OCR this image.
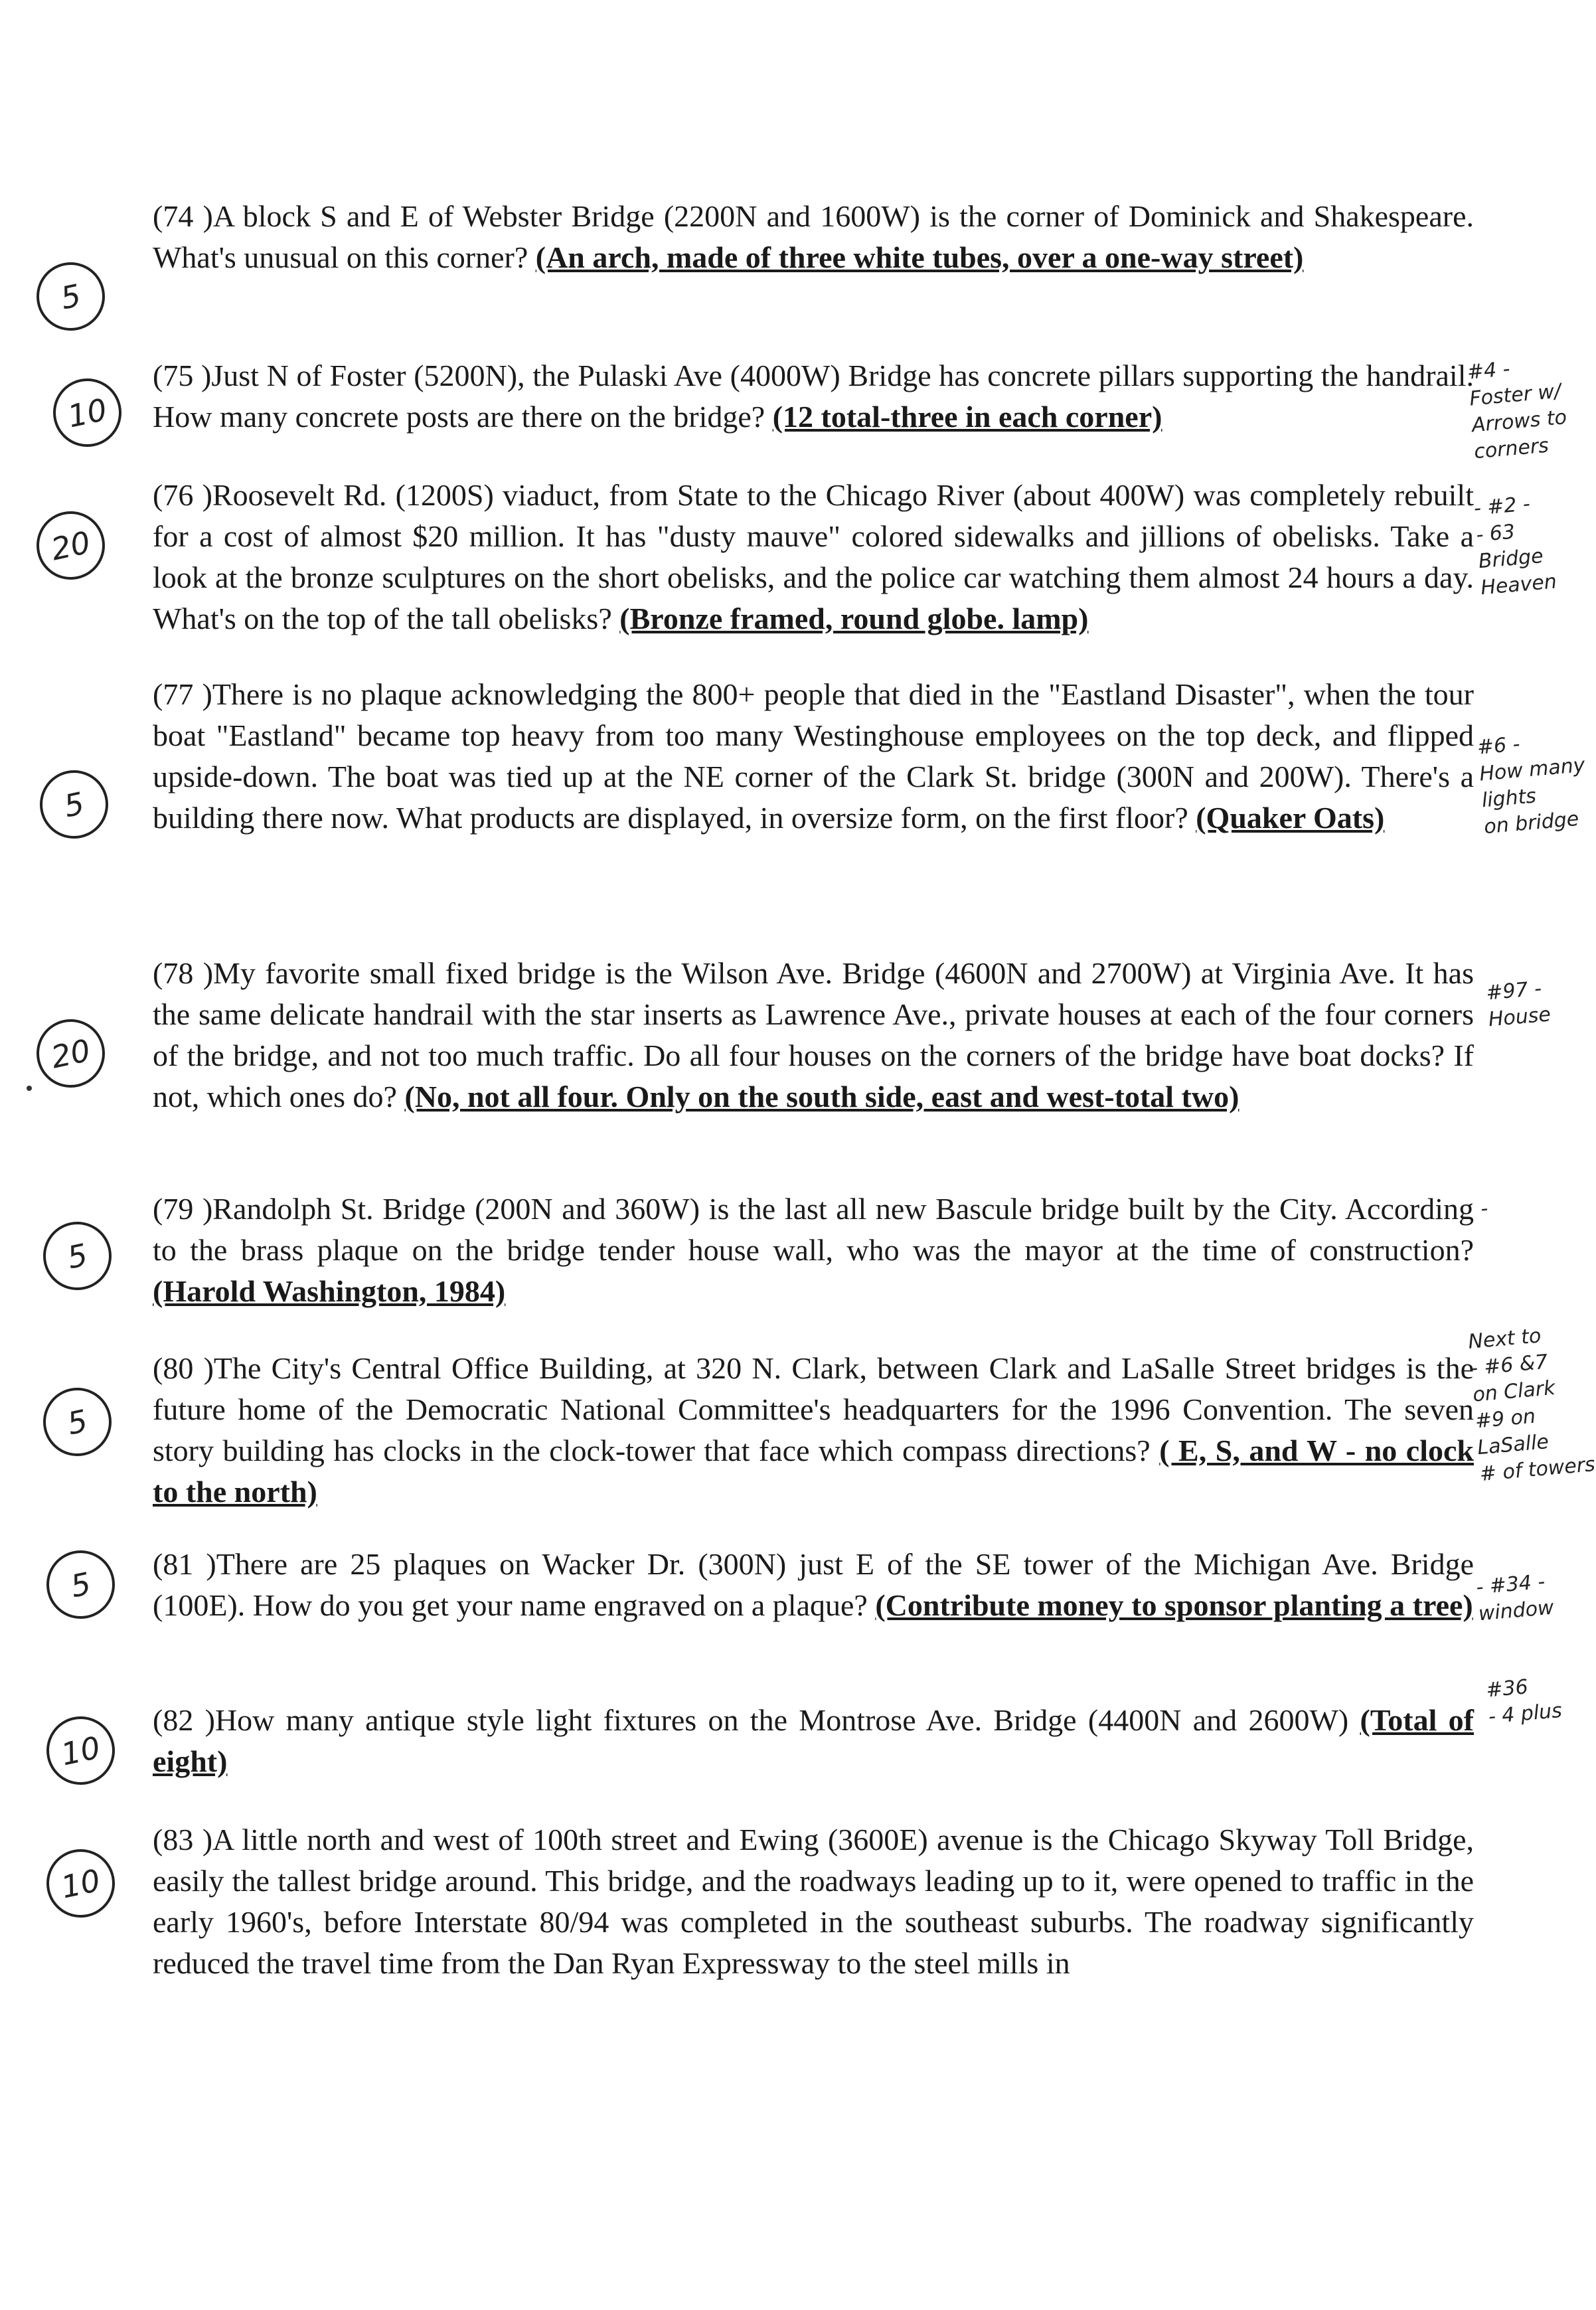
(74 )A block S and E of Webster Bridge (2200N and 1600W) is the corner of Dominick and Shakespeare. What's unusual on this corner? (An arch, made of three white tubes, over a one-way street)

(75 )Just N of Foster (5200N), the Pulaski Ave (4000W) Bridge has concrete pillars supporting the handrail. How many concrete posts are there on the bridge? (12 total-three in each corner)

(76 )Roosevelt Rd. (1200S) viaduct, from State to the Chicago River (about 400W) was completely rebuilt for a cost of almost $20 million. It has "dusty mauve" colored sidewalks and jillions of obelisks. Take a look at the bronze sculptures on the short obelisks, and the police car watching them almost 24 hours a day. What's on the top of the tall obelisks? (Bronze framed, round globe. lamp)

(77 )There is no plaque acknowledging the 800+ people that died in the "Eastland Disaster", when the tour boat "Eastland" became top heavy from too many Westinghouse employees on the top deck, and flipped upside-down. The boat was tied up at the NE corner of the Clark St. bridge (300N and 200W). There's a building there now. What products are displayed, in oversize form, on the first floor? (Quaker Oats)

(78 )My favorite small fixed bridge is the Wilson Ave. Bridge (4600N and 2700W) at Virginia Ave. It has the same delicate handrail with the star inserts as Lawrence Ave., private houses at each of the four corners of the bridge, and not too much traffic. Do all four houses on the corners of the bridge have boat docks? If not, which ones do? (No, not all four. Only on the south side, east and west-total two)

(79 )Randolph St. Bridge (200N and 360W) is the last all new Bascule bridge built by the City. According to the brass plaque on the bridge tender house wall, who was the mayor at the time of construction? (Harold Washington, 1984)

(80 )The City's Central Office Building, at 320 N. Clark, between Clark and LaSalle Street bridges is the future home of the Democratic National Committee's headquarters for the 1996 Convention. The seven story building has clocks in the clock-tower that face which compass directions? ( E, S, and W - no clock to the north)

(81 )There are 25 plaques on Wacker Dr. (300N) just E of the SE tower of the Michigan Ave. Bridge (100E). How do you get your name engraved on a plaque? (Contribute money to sponsor planting a tree)

(82 )How many antique style light fixtures on the Montrose Ave. Bridge (4400N and 2600W) (Total of eight)

(83 )A little north and west of 100th street and Ewing (3600E) avenue is the Chicago Skyway Toll Bridge, easily the tallest bridge around. This bridge, and the roadways leading up to it, were opened to traffic in the early 1960's, before Interstate 80/94 was completed in the southeast suburbs. The roadway significantly reduced the travel time from the Dan Ryan Expressway to the steel mills in

5
10
20
5
20
5
5
5
10
10
#4 -
Foster w/
Arrows to
corners
- #2 -
- 63
Bridge
Heaven
#6 -
How many
lights
on bridge
#97 -
House
-
Next to
- #6 &7
on Clark
#9 on
LaSalle
# of towers
- #34 -
window
#36
- 4 plus
